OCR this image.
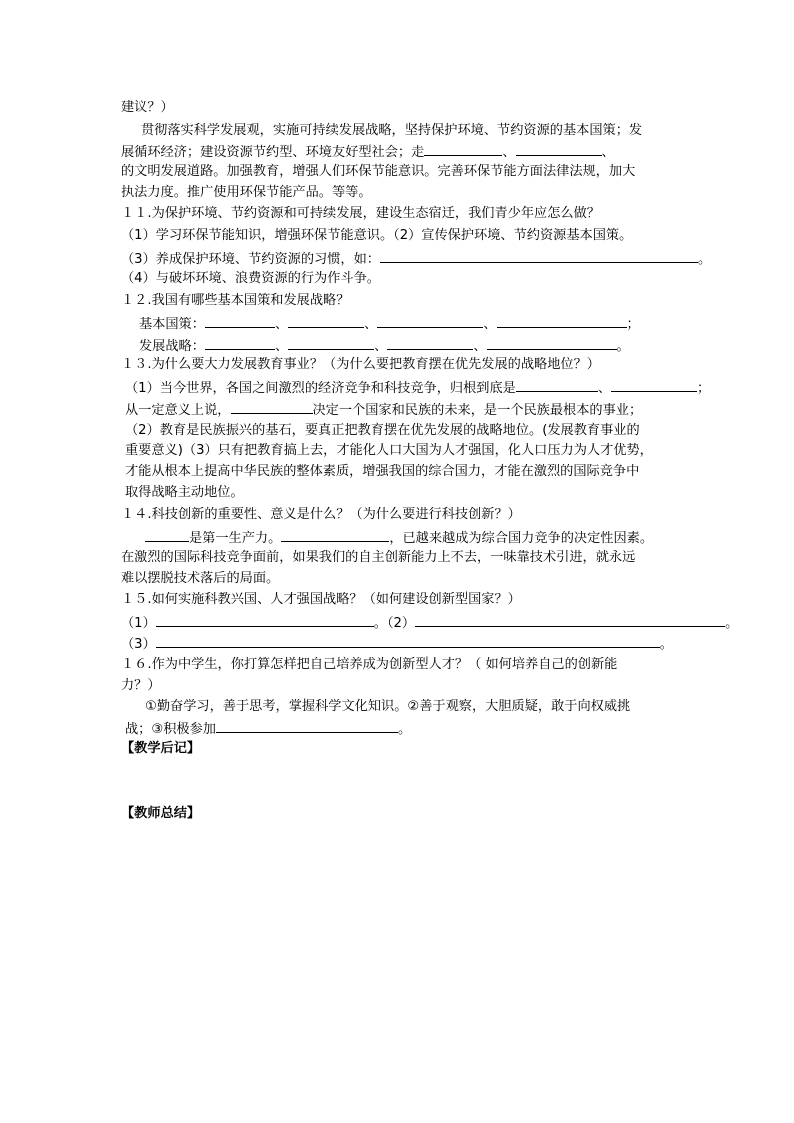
建议？）
贯彻落实科学发展观，实施可持续发展战略，坚持保护环境、节约资源的基本国策；发
展循环经济；建设资源节约型、环境友好型社会；走	、	、
的文明发展道路。加强教育，增强人们环保节能意识。完善环保节能方面法律法规，加大
执法力度。推广使用环保节能产品。等等。
１１.为保护环境、节约资源和可持续发展，建设生态宿迁，我们青少年应怎么做？
（1）学习环保节能知识，增强环保节能意识。（2）宣传保护环境、节约资源基本国策。
（3）养成保护环境、节约资源的习惯，如：	。
（4）与破坏环境、浪费资源的行为作斗争。
１２.我国有哪些基本国策和发展战略？
基本国策：	、	、	、	；
发展战略：	、	、	、	。
１３.为什么要大力发展教育事业？（为什么要把教育摆在优先发展的战略地位？）
（1）当今世界，各国之间激烈的经济竞争和科技竞争，归根到底是	、	；
从一定意义上说，	决定一个国家和民族的未来，是一个民族最根本的事业；
（2）教育是民族振兴的基石，要真正把教育摆在优先发展的战略地位。(发展教育事业的
重要意义)（3）只有把教育搞上去，才能化人口大国为人才强国，化人口压力为人才优势，
才能从根本上提高中华民族的整体素质，增强我国的综合国力，才能在激烈的国际竞争中
取得战略主动地位。
１４.科技创新的重要性、意义是什么？（为什么要进行科技创新？）
是第一生产力。	，已越来越成为综合国力竞争的决定性因素。
在激烈的国际科技竞争面前，如果我们的自主创新能力上不去，一味靠技术引进，就永远
难以摆脱技术落后的局面。
１５.如何实施科教兴国、人才强国战略？（如何建设创新型国家？）
（1）	。（2）	。
（3）	。
１６.作为中学生，你打算怎样把自己培养成为创新型人才？（ 如何培养自己的创新能
力？）
①勤奋学习，善于思考，掌握科学文化知识。②善于观察，大胆质疑，敢于向权威挑
战；③积极参加	。
【教学后记】
【教师总结】
